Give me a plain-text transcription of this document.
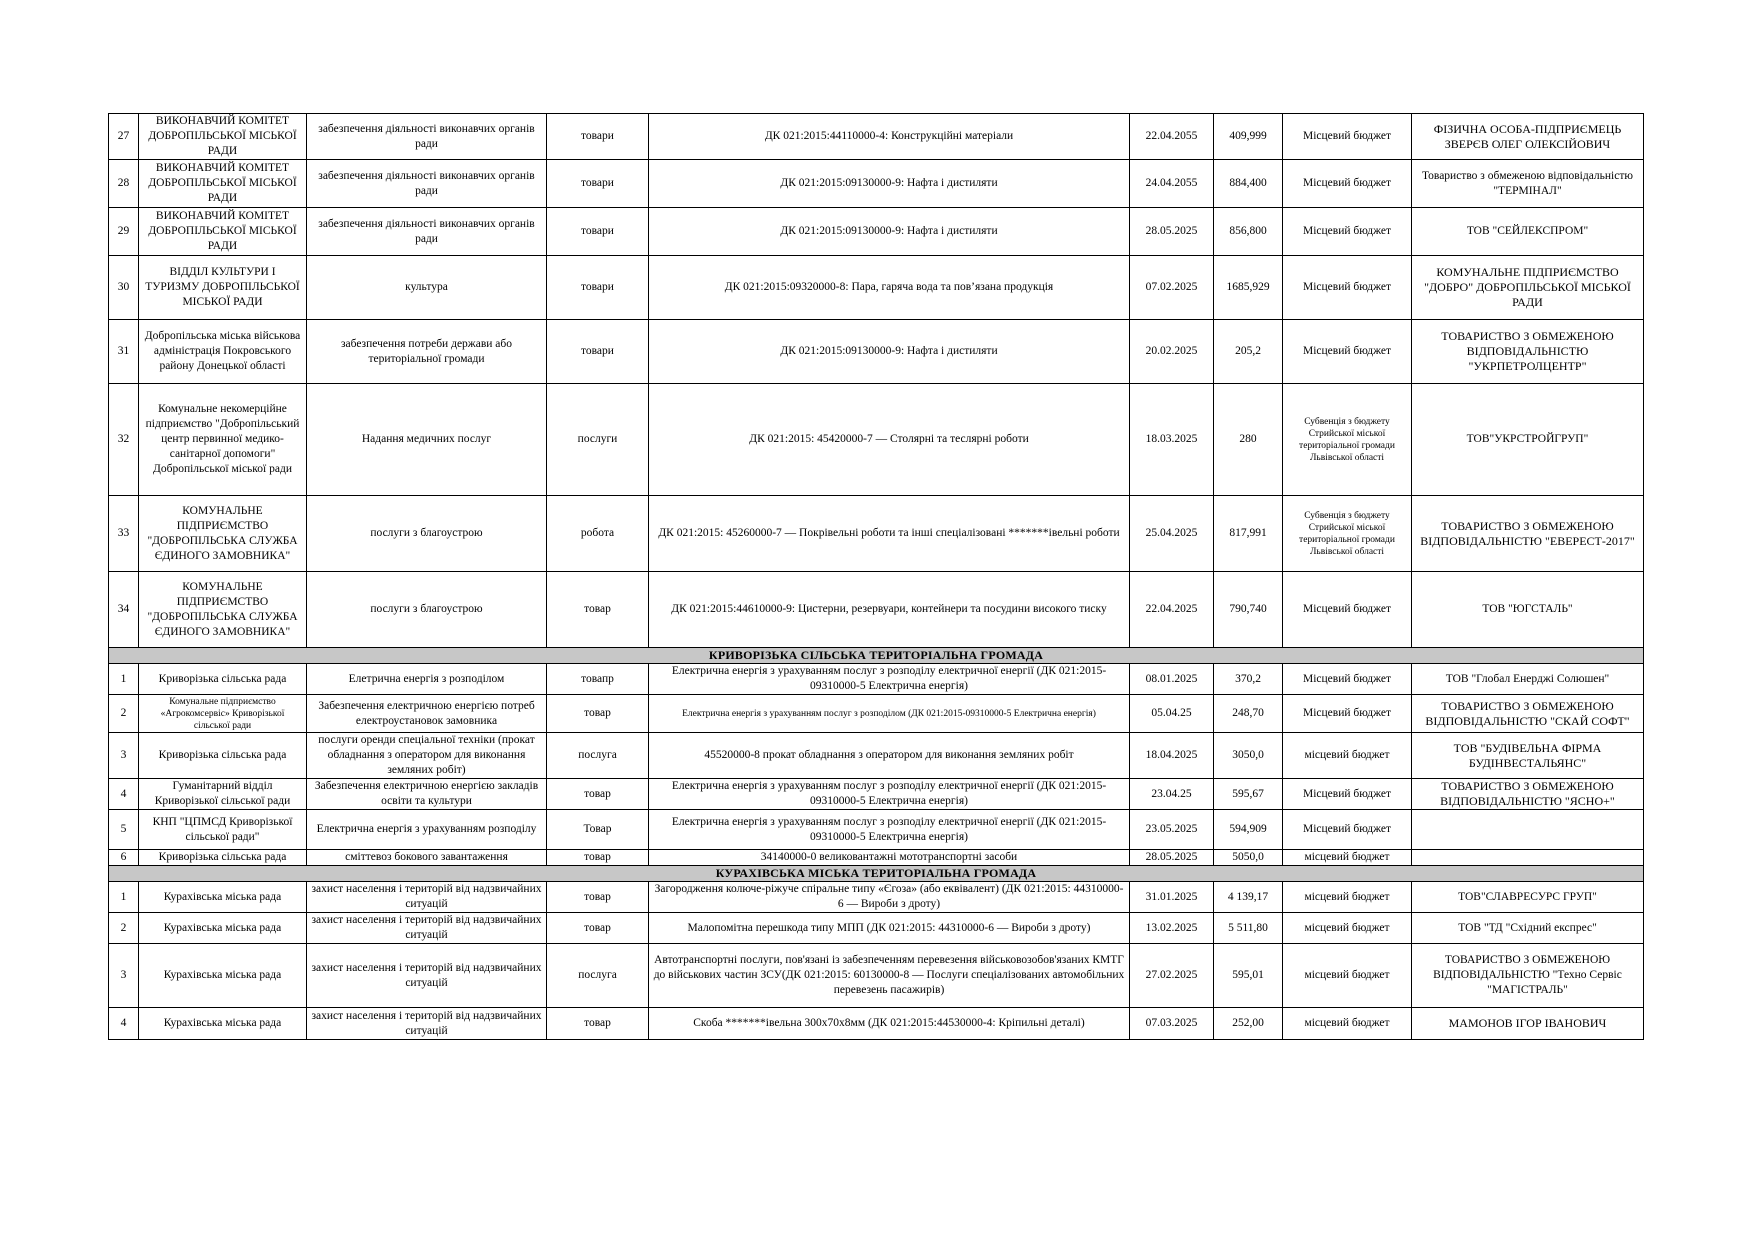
27	ВИКОНАВЧИЙ КОМІТЕТ ДОБРОПІЛЬСЬКОЇ МІСЬКОЇ РАДИ	забезпечення діяльності виконавчих органів ради	товари	ДК 021:2015:44110000-4: Конструкційні матеріали	22.04.2055	409,999	Місцевий бюджет	ФІЗИЧНА ОСОБА-ПІДПРИЄМЕЦЬ ЗВЕРЄВ ОЛЕГ ОЛЕКСІЙОВИЧ
28	ВИКОНАВЧИЙ КОМІТЕТ ДОБРОПІЛЬСЬКОЇ МІСЬКОЇ РАДИ	забезпечення діяльності виконавчих органів ради	товари	ДК 021:2015:09130000-9: Нафта і дистиляти	24.04.2055	884,400	Місцевий бюджет	Товариство з обмеженою відповідальністю "ТЕРМІНАЛ"
29	ВИКОНАВЧИЙ КОМІТЕТ ДОБРОПІЛЬСЬКОЇ МІСЬКОЇ РАДИ	забезпечення діяльності виконавчих органів ради	товари	ДК 021:2015:09130000-9: Нафта і дистиляти	28.05.2025	856,800	Місцевий бюджет	ТОВ "СЕЙЛЕКСПРОМ"
30	ВІДДІЛ КУЛЬТУРИ І ТУРИЗМУ ДОБРОПІЛЬСЬКОЇ МІСЬКОЇ РАДИ	культура	товари	ДК 021:2015:09320000-8: Пара, гаряча вода та пов’язана продукція	07.02.2025	1685,929	Місцевий бюджет	КОМУНАЛЬНЕ ПІДПРИЄМСТВО "ДОБРО" ДОБРОПІЛЬСЬКОЇ МІСЬКОЇ РАДИ
31	Добропільська міська військова адміністрація Покровського району Донецької області	забезпечення потреби держави або територіальної громади	товари	ДК 021:2015:09130000-9: Нафта і дистиляти	20.02.2025	205,2	Місцевий бюджет	ТОВАРИСТВО З ОБМЕЖЕНОЮ ВІДПОВІДАЛЬНІСТЮ "УКРПЕТРОЛЦЕНТР"
32	Комунальне некомерційне підприємство "Добропільський центр первинної медико-санітарної допомоги" Добропільської міської ради	Надання медичних послуг	послуги	ДК 021:2015: 45420000-7 — Столярні та теслярні роботи	18.03.2025	280	Субвенція з бюджету Стрийської міської територіальної громади Львівської області	ТОВ"УКРСТРОЙГРУП"
33	КОМУНАЛЬНЕ ПІДПРИЄМСТВО "ДОБРОПІЛЬСЬКА СЛУЖБА ЄДИНОГО ЗАМОВНИКА"	послуги з благоустрою	робота	ДК 021:2015: 45260000-7 — Покрівельні роботи та інші спеціалізовані *******івельні роботи	25.04.2025	817,991	Субвенція з бюджету Стрийської міської територіальної громади Львівської області	ТОВАРИСТВО З ОБМЕЖЕНОЮ ВІДПОВІДАЛЬНІСТЮ "ЕВЕРЕСТ-2017"
34	КОМУНАЛЬНЕ ПІДПРИЄМСТВО "ДОБРОПІЛЬСЬКА СЛУЖБА ЄДИНОГО ЗАМОВНИКА"	послуги з благоустрою	товар	ДК 021:2015:44610000-9: Цистерни, резервуари, контейнери та посудини високого тиску	22.04.2025	790,740	Місцевий бюджет	ТОВ "ЮГСТАЛЬ"
КРИВОРІЗЬКА СІЛЬСЬКА ТЕРИТОРІАЛЬНА ГРОМАДА								
1	Криворізька сільська рада	Елетрична енергія з розподілом	товапр	Електрична енергія з урахуванням послуг з розподілу електричної енергії (ДК 021:2015-09310000-5 Електрична енергія)	08.01.2025	370,2	Місцевий бюджет	ТОВ "Глобал Енерджі Солюшен"
2	Комунальне підприємство «Агрокомсервіс» Криворізької сільської ради	Забезпечення електричною енергією потреб електроустановок замовника	товар	Електрична енергія з урахуванням послуг з розподілом (ДК 021:2015-09310000-5 Електрична енергія)	05.04.25	248,70	Місцевий бюджет	ТОВАРИСТВО З ОБМЕЖЕНОЮ ВІДПОВІДАЛЬНІСТЮ "СКАЙ СОФТ"
3	Криворізька сільська рада	послуги оренди спеціальної техніки (прокат обладнання з оператором для виконання земляних робіт)	послуга	45520000-8 прокат обладнання з оператором для виконання земляних робіт	18.04.2025	3050,0	місцевий бюджет	ТОВ "БУДІВЕЛЬНА ФІРМА БУДІНВЕСТАЛЬЯНС"
4	Гуманітарний відділ Криворізької сільської ради	Забезпечення електричною енергією закладів освіти та культури	товар	Електрична енергія з урахуванням послуг з розподілу електричної енергії (ДК 021:2015-09310000-5 Електрична енергія)	23.04.25	595,67	Місцевий бюджет	ТОВАРИСТВО З ОБМЕЖЕНОЮ ВІДПОВІДАЛЬНІСТЮ "ЯСНО+"
5	КНП "ЦПМСД Криворізької сільської ради"	Електрична енергія з урахуванням розподілу	Товар	Електрична енергія з урахуванням послуг з розподілу електричної енергії (ДК 021:2015-09310000-5 Електрична енергія)	23.05.2025	594,909	Місцевий бюджет	
6	Криворізька сільська рада	сміттевоз бокового завантаження	товар	34140000-0 великовантажні мототранспортні засоби	28.05.2025	5050,0	місцевий бюджет	
КУРАХІВСЬКА МІСЬКА ТЕРИТОРІАЛЬНА ГРОМАДА								
1	Курахівська міська рада	захист населення і територій від надзвичайних ситуацій	товар	Загородження колюче-ріжуче спіральне типу «Єгоза» (або еквівалент) (ДК 021:2015: 44310000-6 — Вироби з дроту)	31.01.2025	4 139,17	місцевий бюджет	ТОВ"СЛАВРЕСУРС ГРУП"
2	Курахівська міська рада	захист населення і територій від надзвичайних ситуацій	товар	Малопомітна перешкода типу МПП (ДК 021:2015: 44310000-6 — Вироби з дроту)	13.02.2025	5 511,80	місцевий бюджет	ТОВ "ТД "Східний експрес"
3	Курахівська міська рада	захист населення і територій від надзвичайних ситуацій	послуга	Автотранспортні послуги, пов'язані із забезпеченням перевезення військовозобов'язаних КМТГ до військових частин ЗСУ(ДК 021:2015: 60130000-8 — Послуги спеціалізованих автомобільних перевезень пасажирів)	27.02.2025	595,01	місцевий бюджет	ТОВАРИСТВО З ОБМЕЖЕНОЮ ВІДПОВІДАЛЬНІСТЮ "Техно Сервіс "МАГІСТРАЛЬ"
4	Курахівська міська рада	захист населення і територій від надзвичайних ситуацій	товар	Скоба *******івельна 300х70х8мм (ДК 021:2015:44530000-4: Кріпильні деталі)	07.03.2025	252,00	місцевий бюджет	МАМОНОВ ІГОР ІВАНОВИЧ
